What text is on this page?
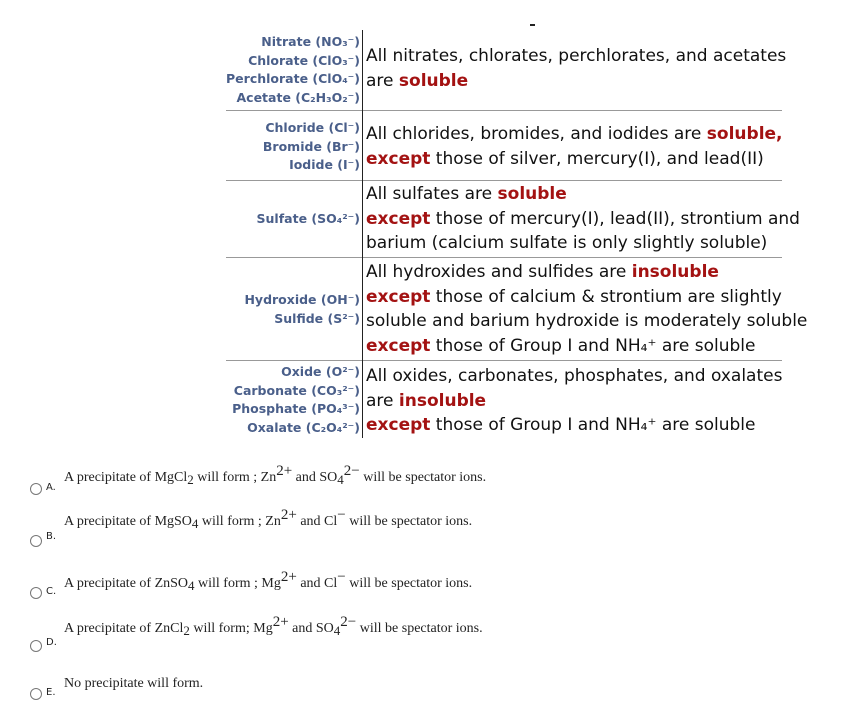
Nitrate (NO₃⁻)
Chlorate (ClO₃⁻)
Perchlorate (ClO₄⁻)
Acetate (C₂H₃O₂⁻)
All nitrates, chlorates, perchlorates, and acetates
are soluble
Chloride (Cl⁻)
Bromide (Br⁻)
Iodide (I⁻)
All chlorides, bromides, and iodides are soluble,
except those of silver, mercury(I), and lead(II)
Sulfate (SO₄²⁻)
All sulfates are soluble
except those of mercury(I), lead(II), strontium and
barium (calcium sulfate is only slightly soluble)
Hydroxide (OH⁻)
Sulfide (S²⁻)
All hydroxides and sulfides are insoluble
except those of calcium & strontium are slightly
soluble and barium hydroxide is moderately soluble
except those of Group I and NH₄⁺ are soluble
Oxide (O²⁻)
Carbonate (CO₃²⁻)
Phosphate (PO₄³⁻)
Oxalate (C₂O₄²⁻)
All oxides, carbonates, phosphates, and oxalates
are insoluble
except those of Group I and NH₄⁺ are soluble
A.
A precipitate of MgCl2 will form ; $Zn^{2+}$ and $SO4^{2-}$ will be spectator ions.
B.
A precipitate of MgSO4 will form ; $Zn^{2+}$ and Cl− will be spectator ions.
C.
A precipitate of ZnSO4 will form ; $Mg^{2+}$ and Cl− will be spectator ions.
D.
A precipitate of ZnCl2 will form; $Mg^{2+}$ and $SO4^{2-}$ will be spectator ions.
E.
No precipitate will form.
